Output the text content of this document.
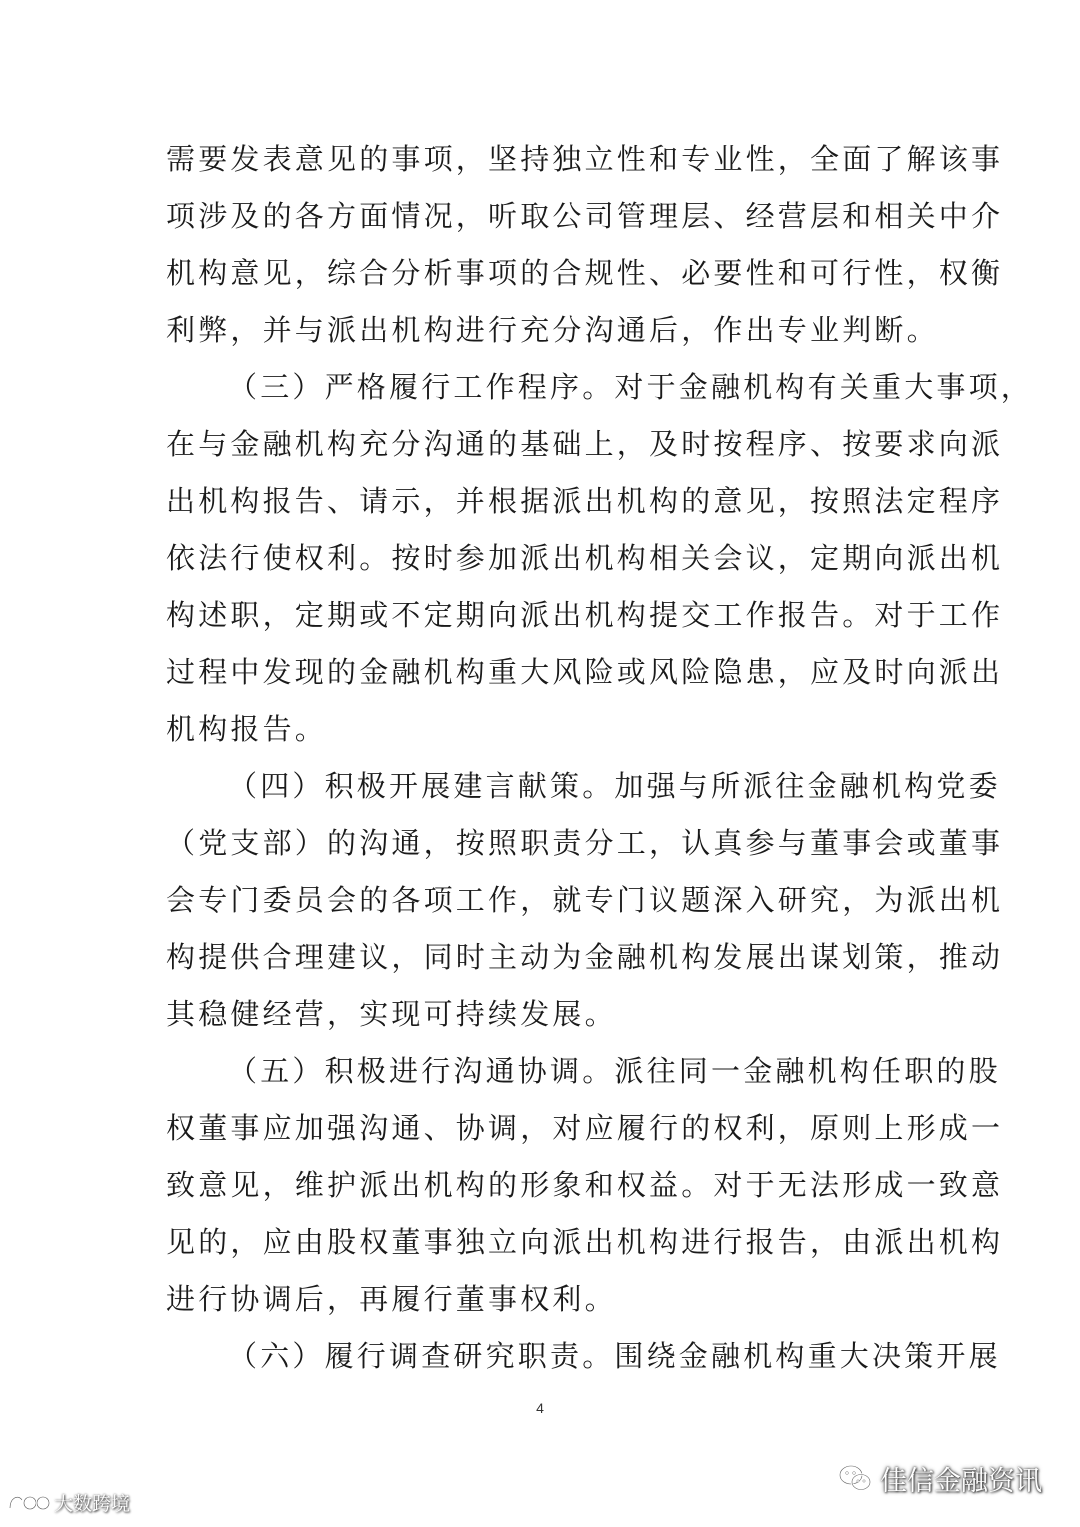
需要发表意见的事项，坚持独立性和专业性，全面了解该事
项涉及的各方面情况，听取公司管理层、经营层和相关中介
机构意见，综合分析事项的合规性、必要性和可行性，权衡
利弊，并与派出机构进行充分沟通后，作出专业判断。
（三）严格履行工作程序。对于金融机构有关重大事项，
在与金融机构充分沟通的基础上，及时按程序、按要求向派
出机构报告、请示，并根据派出机构的意见，按照法定程序
依法行使权利。按时参加派出机构相关会议，定期向派出机
构述职，定期或不定期向派出机构提交工作报告。对于工作
过程中发现的金融机构重大风险或风险隐患，应及时向派出
机构报告。
（四）积极开展建言献策。加强与所派往金融机构党委
（党支部）的沟通，按照职责分工，认真参与董事会或董事
会专门委员会的各项工作，就专门议题深入研究，为派出机
构提供合理建议，同时主动为金融机构发展出谋划策，推动
其稳健经营，实现可持续发展。
（五）积极进行沟通协调。派往同一金融机构任职的股
权董事应加强沟通、协调，对应履行的权利，原则上形成一
致意见，维护派出机构的形象和权益。对于无法形成一致意
见的，应由股权董事独立向派出机构进行报告，由派出机构
进行协调后，再履行董事权利。
（六）履行调查研究职责。围绕金融机构重大决策开展
4
佳信金融资讯
大数跨境
